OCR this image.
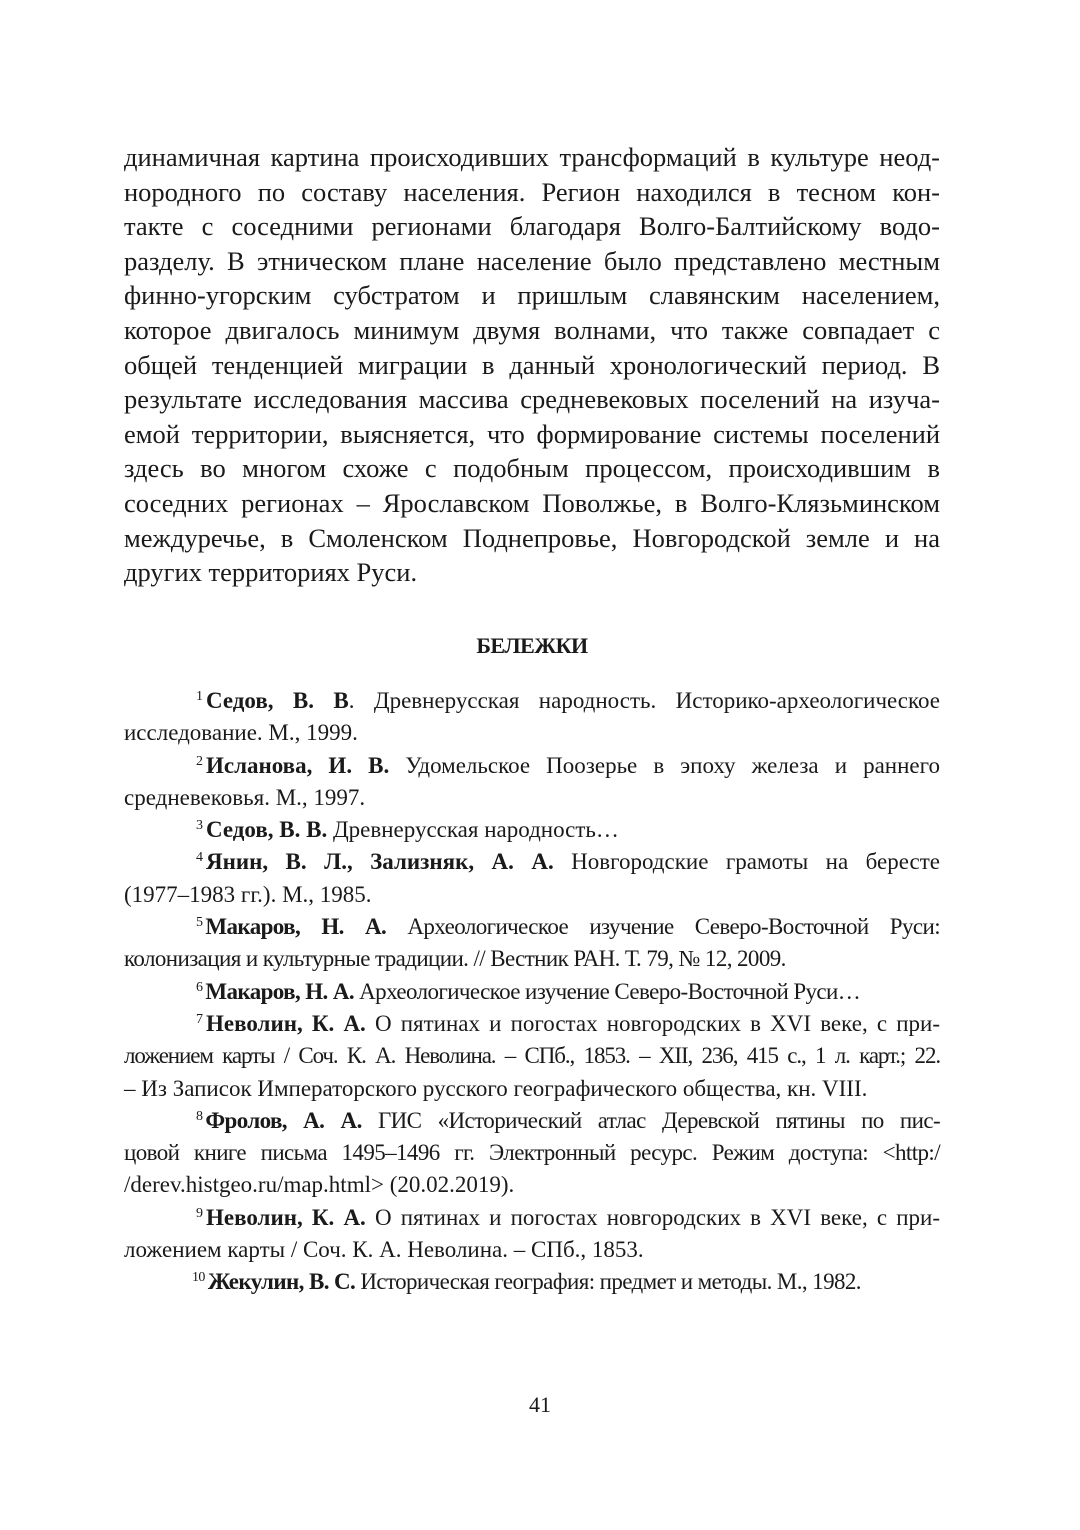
динамичная картина происходивших трансформаций в культуре неод-
нородного по составу населения. Регион находился в тесном кон-
такте с соседними регионами благодаря Волго-Балтийскому водо-
разделу. В этническом плане население было представлено местным
финно-угорским субстратом и пришлым славянским населением,
которое двигалось минимум двумя волнами, что также совпадает с
общей тенденцией миграции в данный хронологический период. В
результате исследования массива средневековых поселений на изуча-
емой территории, выясняется, что формирование системы поселений
здесь во многом схоже с подобным процессом, происходившим в
соседних регионах – Ярославском Поволжье, в Волго-Клязьминском
междуречье, в Смоленском Поднепровье, Новгородской земле и на
других территориях Руси.
БЕЛЕЖКИ
$^1$ Седов, В. В. Древнерусская народность. Историко-археологическое
исследование. М., 1999.
$^2$ Исланова, И. В. Удомельское Поозерье в эпоху железа и раннего
средневековья. М., 1997.
$^3$ Седов, В. В. Древнерусская народность…
$^4$ Янин, В. Л., Зализняк, А. А. Новгородские грамоты на бересте
(1977–1983 гг.). М., 1985.
$^5$ Макаров, Н. А. Археологическое изучение Северо-Восточной Руси:
колонизация и культурные традиции. // Вестник РАН. Т. 79, № 12, 2009.
$^6$ Макаров, Н. А. Археологическое изучение Северо-Восточной Руси…
$^7$ Неволин, К. А. О пятинах и погостах новгородских в XVI веке, с при-
ложением карты / Соч. К. А. Неволина. – СПб., 1853. – XII, 236, 415 с., 1 л. карт.; 22.
– Из Записок Императорского русского географического общества, кн. VIII.
$^8$ Фролов, А. А. ГИС «Исторический атлас Деревской пятины по пис-
цовой книге письма 1495–1496 гг. Электронный ресурс. Режим доступа: <http:/
/derev.histgeo.ru/map.html> (20.02.2019).
$^9$ Неволин, К. А. О пятинах и погостах новгородских в XVI веке, с при-
ложением карты / Соч. К. А. Неволина. – СПб., 1853.
$^{10}$ Жекулин, В. С. Историческая география: предмет и методы. М., 1982.
41
